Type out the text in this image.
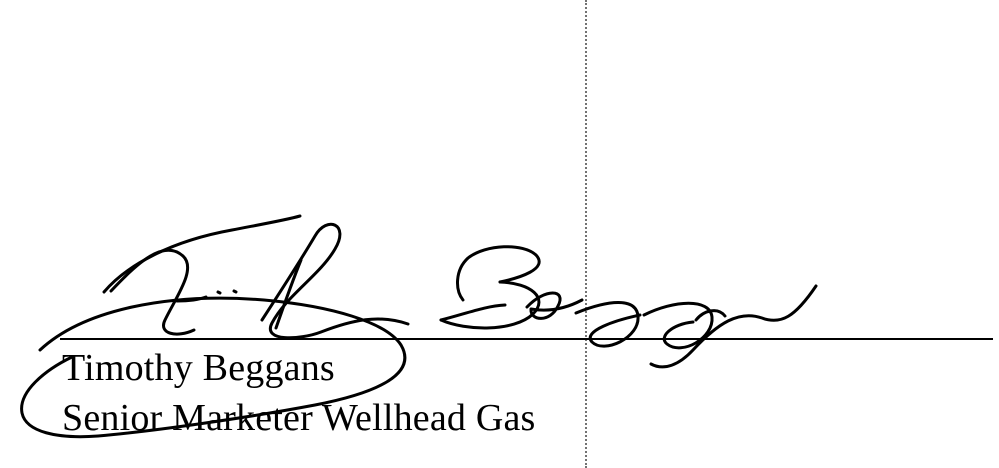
Timothy Beggans
Senior Marketer Wellhead Gas
